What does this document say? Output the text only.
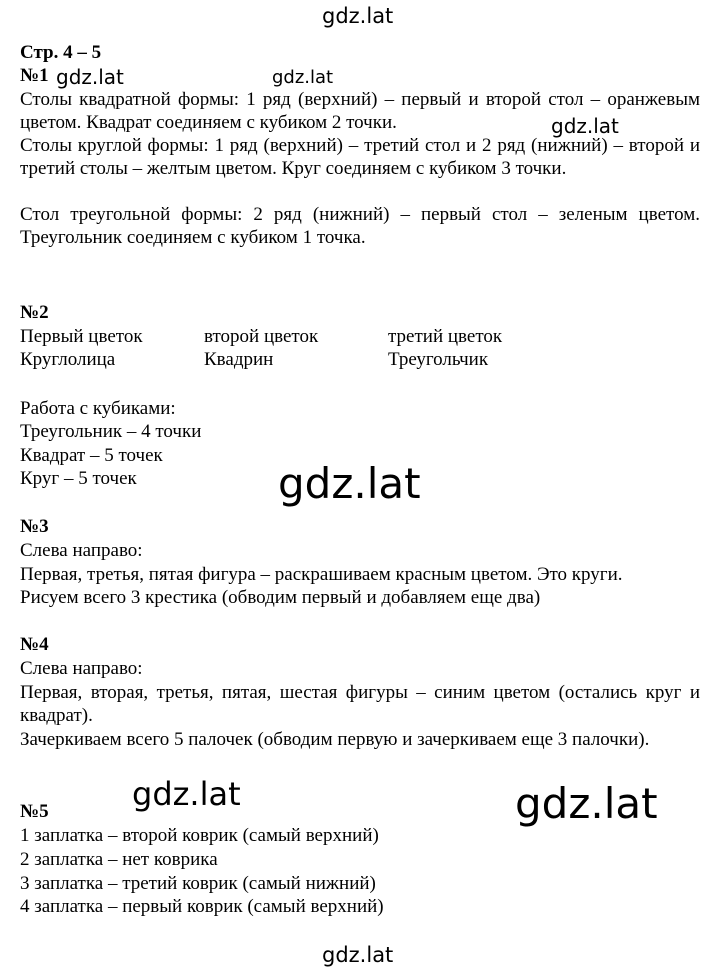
gdz.lat
gdz.lat	gdz.lat
gdz.lat
gdz.lat
gdz.lat	gdz.lat
gdz.lat
Стр. 4 – 5
№1

Столы квадратной формы: 1 ряд (верхний) – первый и второй стол – оранжевым цветом. Квадрат соединяем с кубиком 2 точки.

Столы круглой формы: 1 ряд (верхний) – третий стол и 2 ряд (нижний) – второй и третий столы – желтым цветом. Круг соединяем с кубиком 3 точки.

Стол треугольной формы: 2 ряд (нижний) – первый стол – зеленым цветом. Треугольник соединяем с кубиком 1 точка.

№2
Первый цветок	второй цветок	третий цветок
Круглолица	Квадрин	Треугольчик
Работа с кубиками:
Треугольник – 4 точки
Квадрат – 5 точек
Круг – 5 точек
№3
Слева направо:
Первая, третья, пятая фигура – раскрашиваем красным цветом. Это круги.
Рисуем всего 3 крестика (обводим первый и добавляем еще два)
№4
Слева направо:

Первая, вторая, третья, пятая, шестая фигуры – синим цветом (остались круг и квадрат).

Зачеркиваем всего 5 палочек (обводим первую и зачеркиваем еще 3 палочки).

№5
1 заплатка – второй коврик (самый верхний)
2 заплатка – нет коврика
3 заплатка – третий коврик (самый нижний)
4 заплатка – первый коврик (самый верхний)
